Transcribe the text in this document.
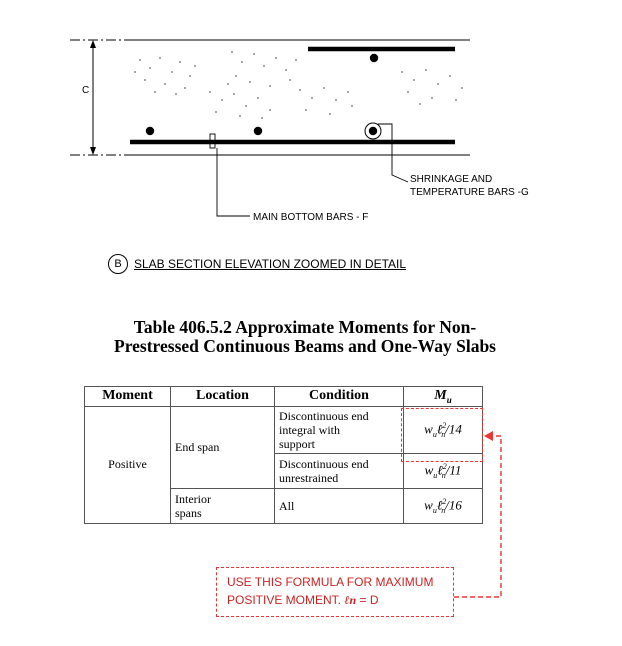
C
MAIN BOTTOM BARS - F
SHRINKAGE AND
TEMPERATURE BARS -G
B	SLAB SECTION ELEVATION ZOOMED IN DETAIL
Table 406.5.2 Approximate Moments for Non-
Prestressed Continuous Beams and One-Way Slabs
Moment	Location	Condition	$M_u$
Positive	End span	Discontinuous end
integral with
support	$w_u\ell^2_n/14$

		Discontinuous end
unrestrained	$w_u\ell^2_n/11$

	Interior
spans	All	$w_u\ell^2_n/16$
USE THIS FORMULA FOR MAXIMUM
POSITIVE MOMENT. ℓn = D
